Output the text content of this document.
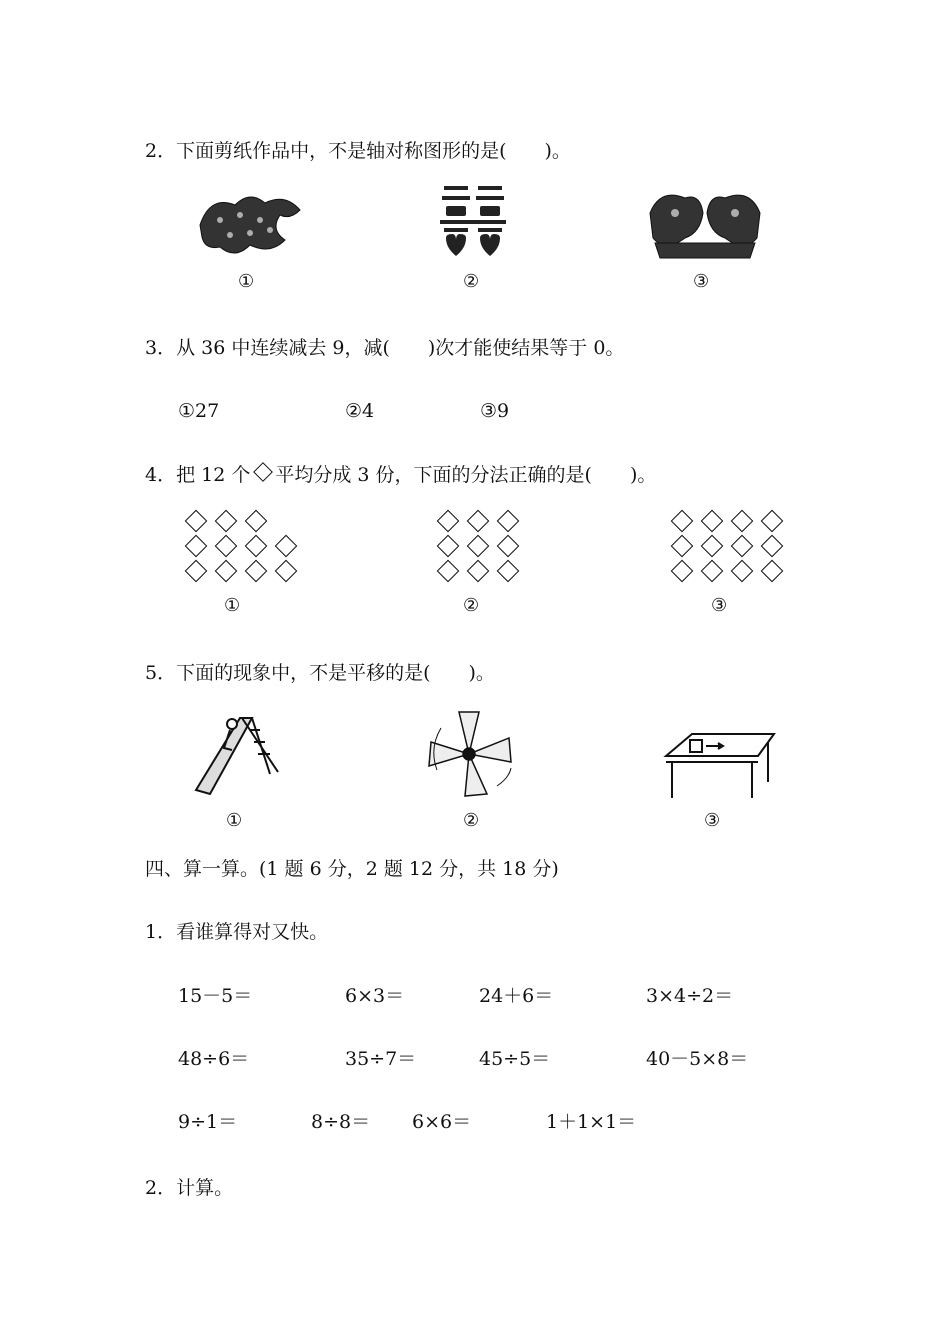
2．下面剪纸作品中，不是轴对称图形的是(　　)。
①	②	③
3．从 36 中连续减去 9，减(　　)次才能使结果等于 0。
①27	②4	③9
4．把 12 个 平均分成 3 份，下面的分法正确的是(　　)。
①	②	③
5．下面的现象中，不是平移的是(　　)。
①	②	③
四、算一算。(1 题 6 分，2 题 12 分，共 18 分)
1．看谁算得对又快。
15－5＝	6×3＝	24＋6＝	3×4÷2＝
48÷6＝	35÷7＝	45÷5＝	40－5×8＝
9÷1＝	8÷8＝ 6×6＝	1＋1×1＝
2．计算。
